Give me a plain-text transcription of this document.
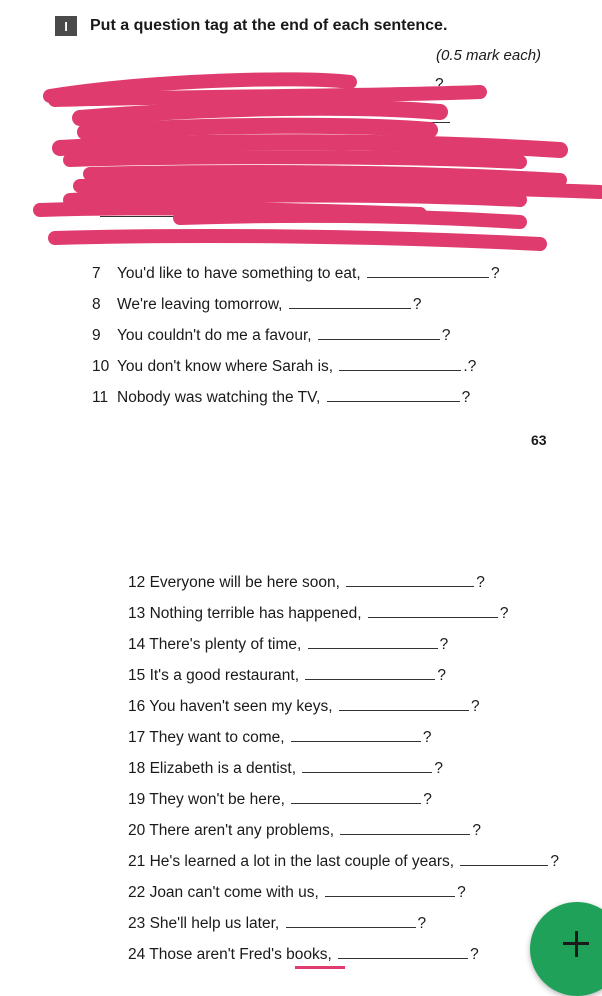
I	Put a question tag at the end of each sentence.
(0.5 mark each)
?
?
7 You'd like to have something to eat,	?
8 We're leaving tomorrow,	?
9 You couldn't do me a favour,	?
10 You don't know where Sarah is,	.?
11 Nobody was watching the TV,	?
63
12 Everyone will be here soon,	?
13 Nothing terrible has happened,	?
14 There's plenty of time,	?
15 It's a good restaurant,	?
16 You haven't seen my keys,	?
17 They want to come,	?
18 Elizabeth is a dentist,	?
19 They won't be here,	?
20 There aren't any problems,	?
21 He's learned a lot in the last couple of years,	?
22 Joan can't come with us,	?
23 She'll help us later,	?
24 Those aren't Fred's books,	?
